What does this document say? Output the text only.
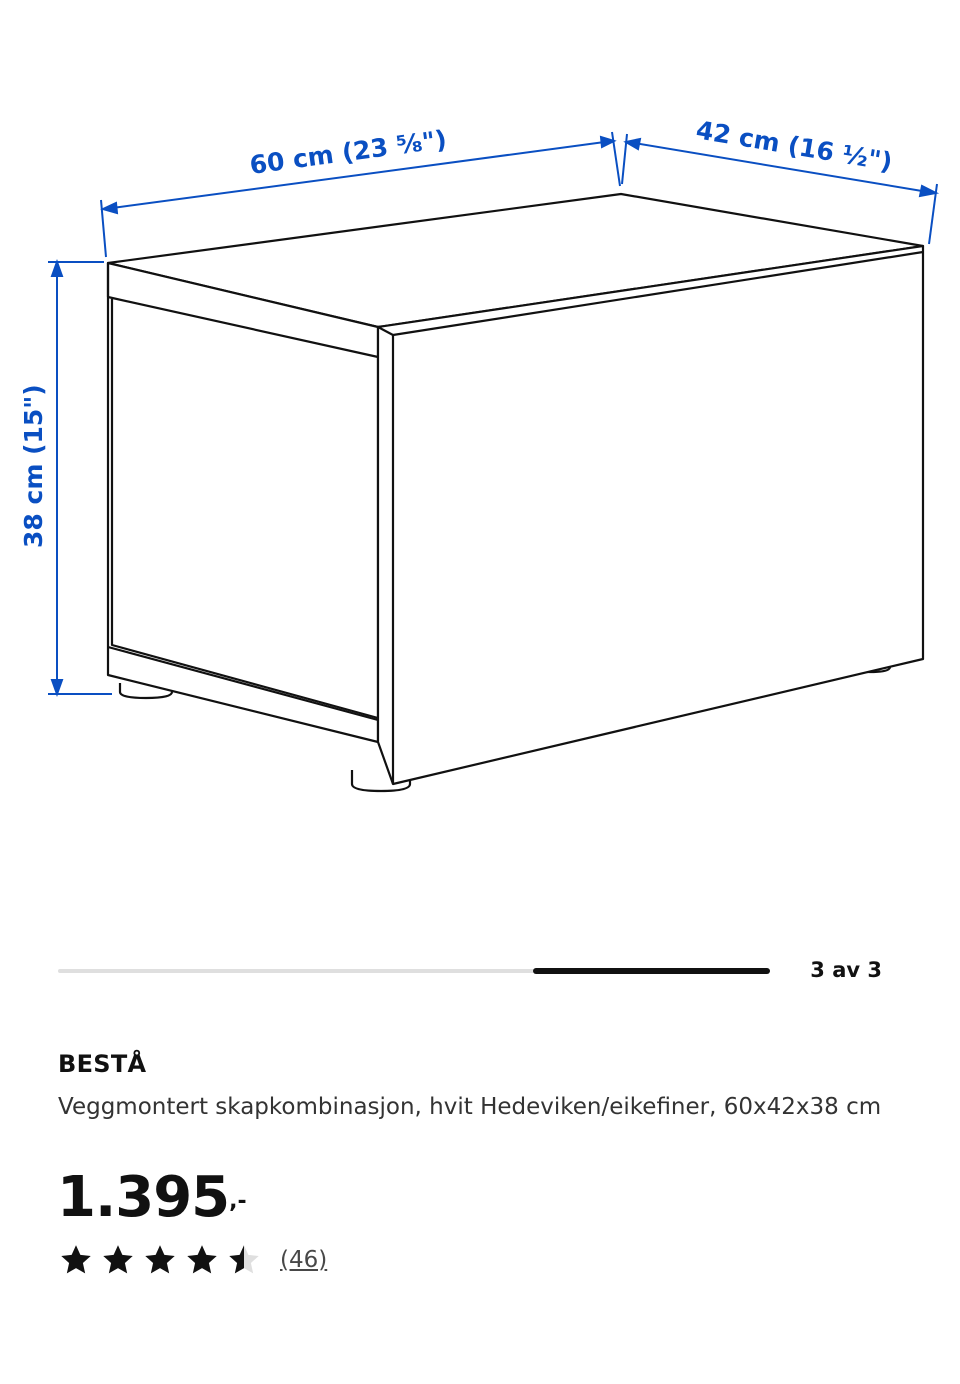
60 cm (23 ⅝")	42 cm (16 ½")
38 cm (15")
3 av 3
BESTÅ
Veggmontert skapkombinasjon, hvit Hedeviken/eikefiner, 60x42x38 cm
1.395,-
(46)
